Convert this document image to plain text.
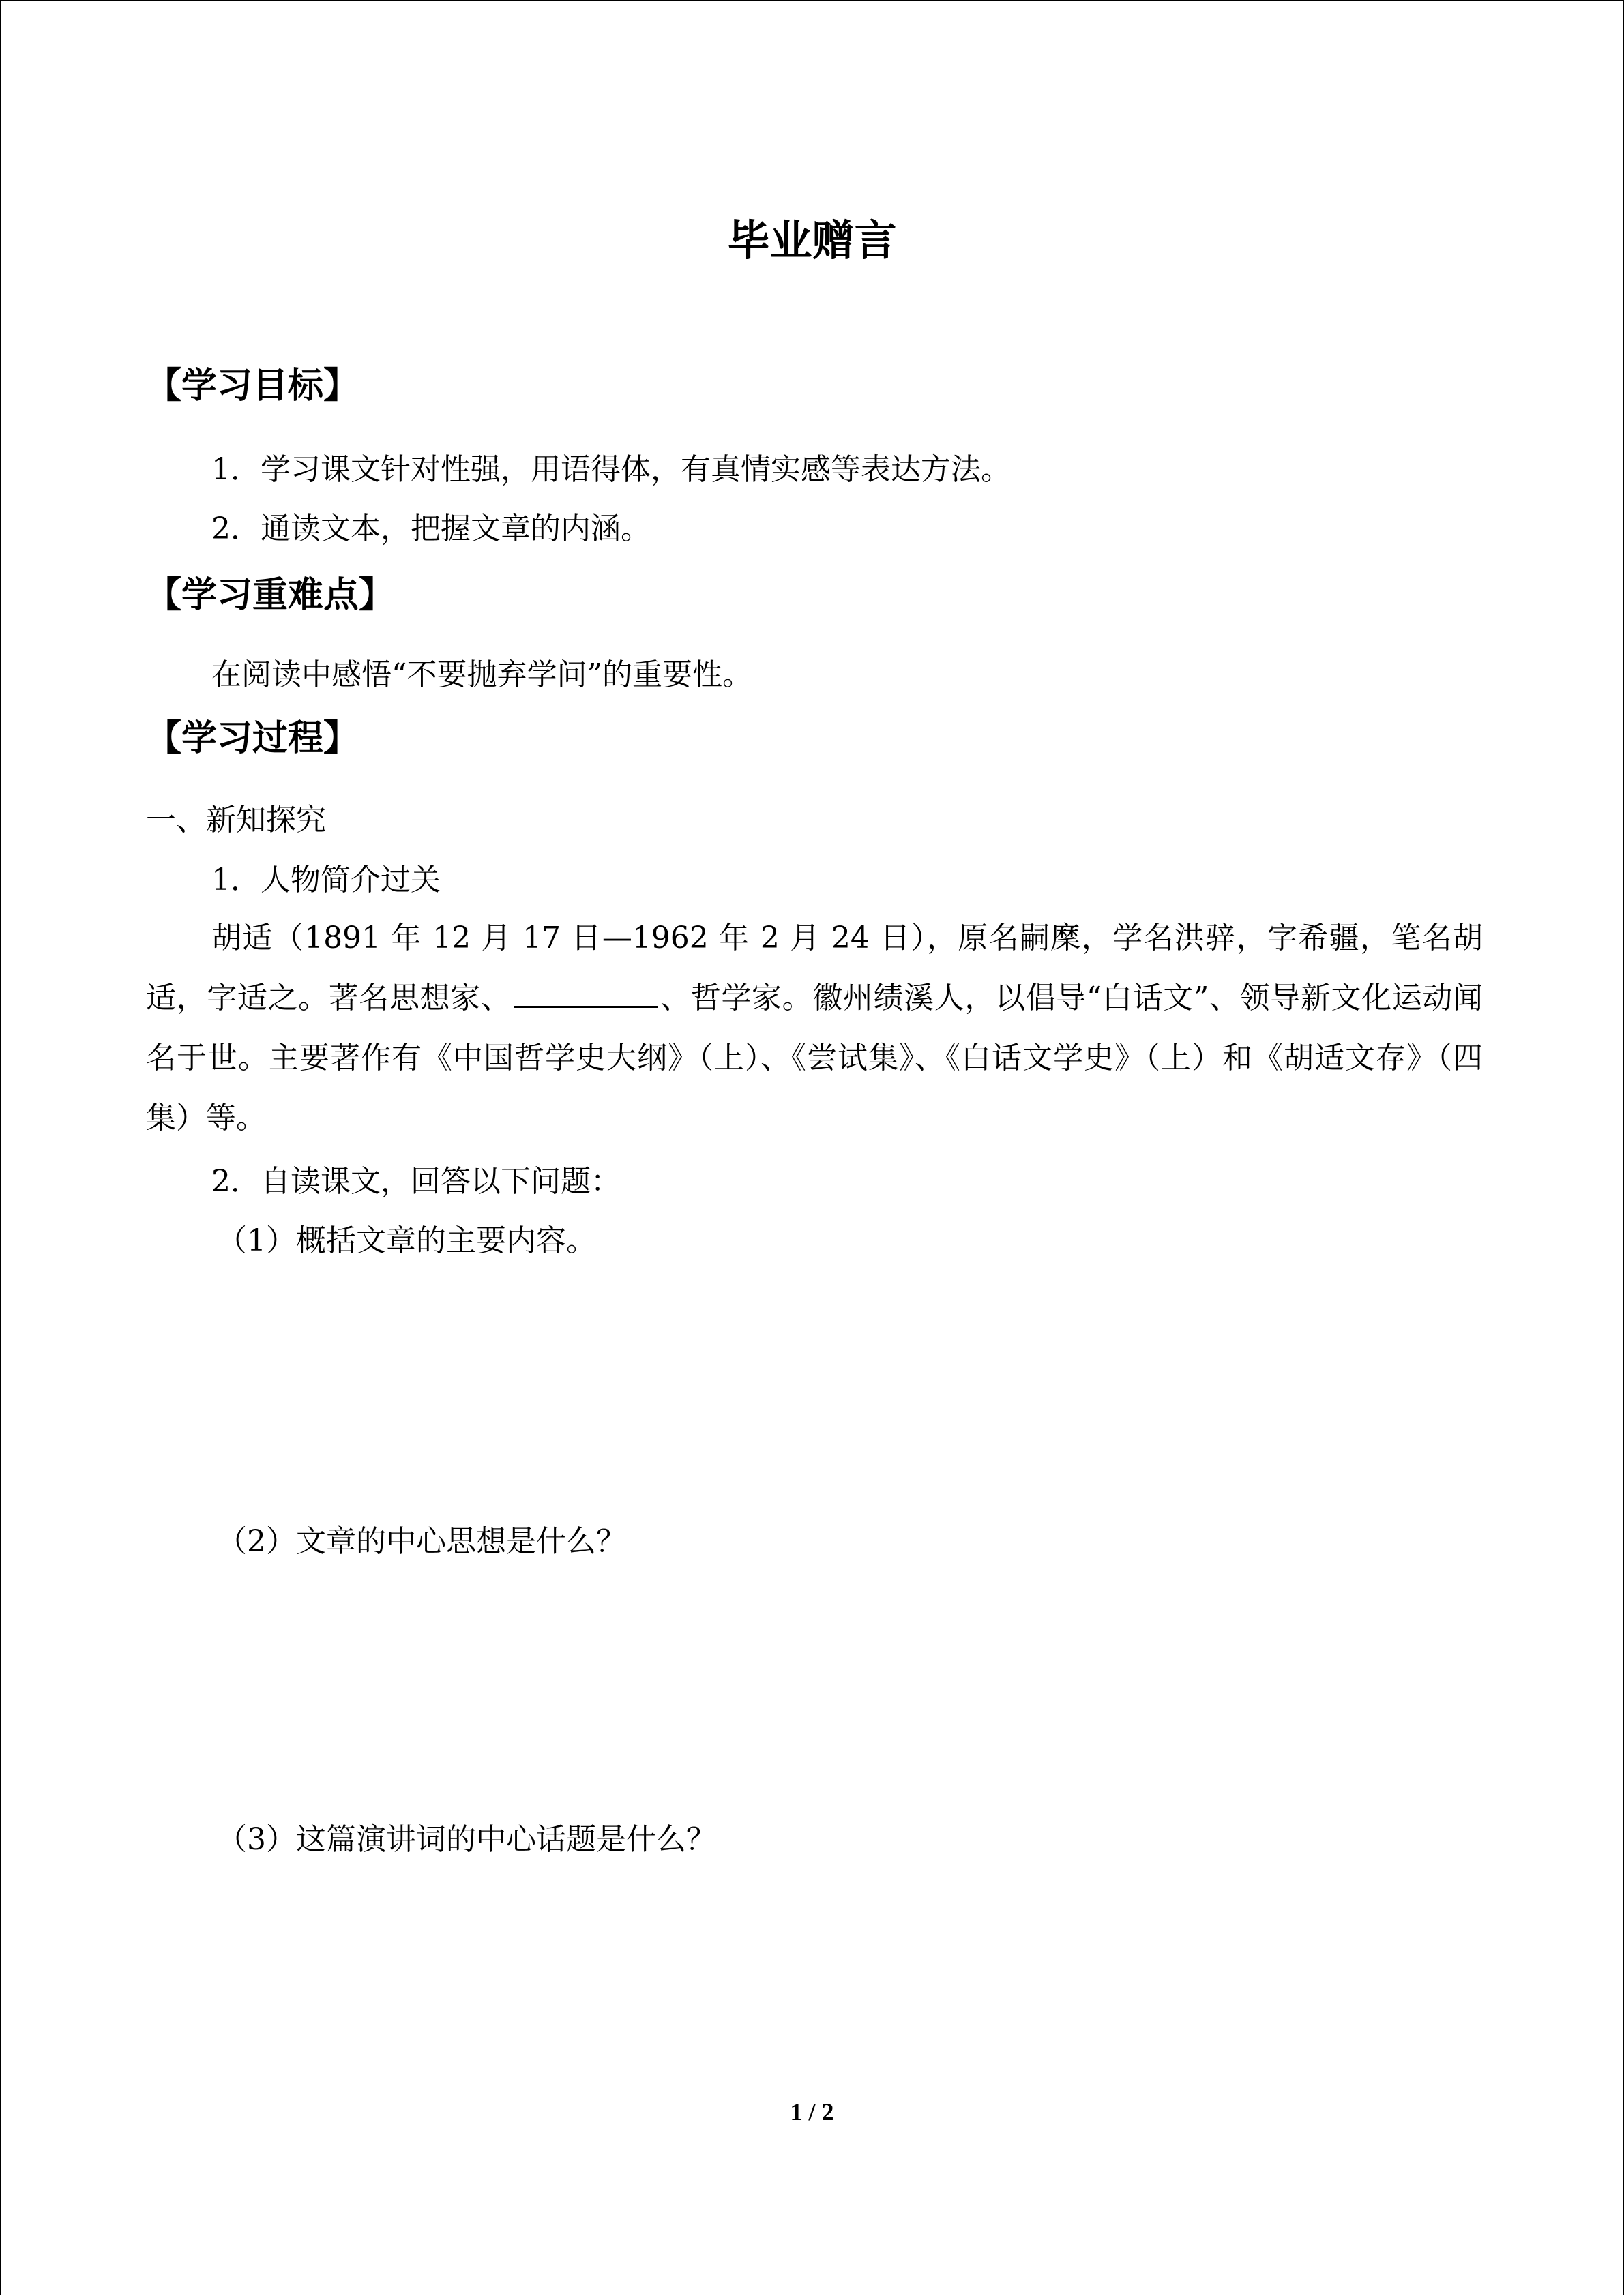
毕业赠言
【学习目标】
1．学习课文针对性强，用语得体，有真情实感等表达方法。
2．通读文本，把握文章的内涵。
【学习重难点】
在阅读中感悟“不要抛弃学问”的重要性。
【学习过程】
一、新知探究
1．人物简介过关
胡适（1891 年 12 月 17 日—1962 年 2 月 24 日），原名嗣穈，学名洪骍，字希疆，笔名胡适，字适之。著名思想家、	、哲学家。徽州绩溪人，以倡导“白话文”、领导新文化运动闻名于世。主要著作有《中国哲学史大纲》（上）、《尝试集》、《白话文学史》（上）和《胡适文存》（四集）等。
2．自读课文，回答以下问题：
（1）概括文章的主要内容。
（2）文章的中心思想是什么？
（3）这篇演讲词的中心话题是什么？
1 / 2
